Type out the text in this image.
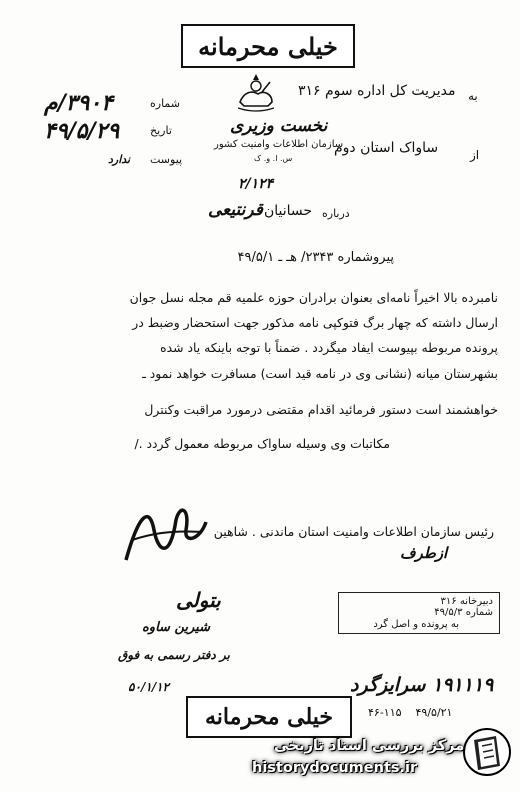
خیلی محرمانه
نخست وزیری
سازمان اطلاعات وامنیت کشور
س. ا. و. ک
به
مدیریت کل اداره سوم ۳۱۶
از
ساواک استان دوم
شماره
تاریخ
پیوست
ندارد
۳۹۰۴/م
۴۹/۵/۲۹
۲/۱۲۴
درباره
حسانیان
قرنتیعی
پیروشماره ۲۳۴۳/ هـ ـ ۴۹/۵/۱
نامبرده بالا اخیراً نامه‌ای بعنوان برادران حوزه علمیه قم مجله نسل جوان
ارسال داشته که چهار برگ فتوکپی نامه مذکور جهت استحضار وضبط در
پرونده مربوطه بپیوست ایفاد میگردد . ضمناً با توجه باینکه یاد شده
بشهرستان میانه (نشانی وی در نامه قید است) مسافرت خواهد نمود ـ
خواهشمند است دستور فرمائید اقدام مقتضی درمورد مراقبت وکنترل
مکاتبات وی وسیله ساواک مربوطه معمول گردد ./
رئیس سازمان اطلاعات وامنیت استان ماندنی . شاهین
ازطرف
دبیرخانه ۳۱۶
شماره ۴۹/۵/۳
به پرونده و اصل گرد
بتولی
شیرین ساوه
بر دفتر رسمی به فوق
۵۰/۱/۱۲	۱۹۱۱۱۹ سرایزگرد
۴۹/۵/۲۱    ۴۶-۱۱۵
خیلی محرمانه
مرکز بررسی اسناد تاریخی
historydocuments.ir
